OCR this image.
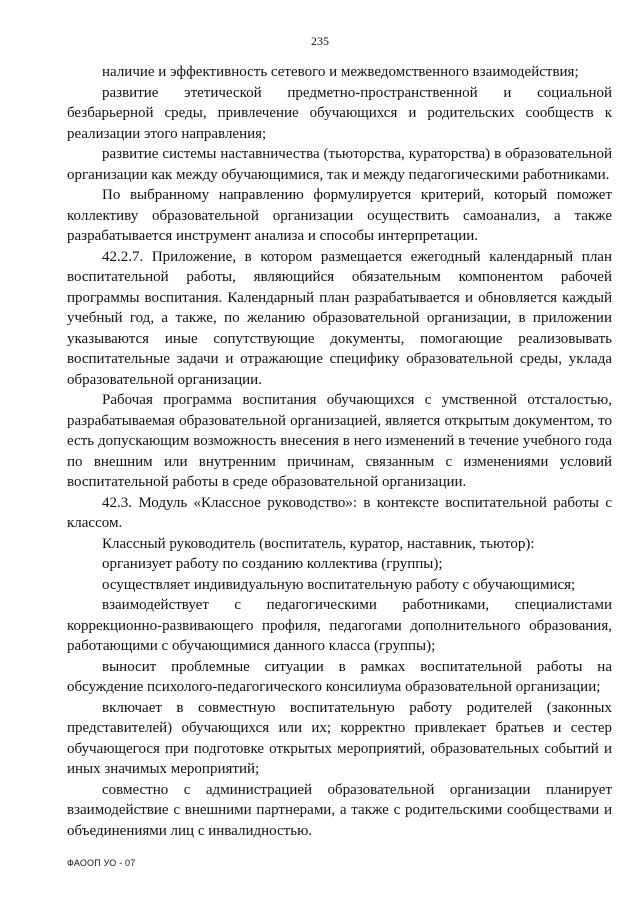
235

наличие и эффективность сетевого и межведомственного взаимодействия;

развитие этетической предметно-пространственной и социальной безбарьерной среды, привлечение обучающихся и родительских сообществ к реализации этого направления;

развитие системы наставничества (тьюторства, кураторства) в образовательной организации как между обучающимися, так и между педагогическими работниками.

По выбранному направлению формулируется критерий, который поможет коллективу образовательной организации осуществить самоанализ, а также разрабатывается инструмент анализа и способы интерпретации.

42.2.7. Приложение, в котором размещается ежегодный календарный план воспитательной работы, являющийся обязательным компонентом рабочей программы воспитания. Календарный план разрабатывается и обновляется каждый учебный год, а также, по желанию образовательной организации, в приложении указываются иные сопутствующие документы, помогающие реализовывать воспитательные задачи и отражающие специфику образовательной среды, уклада образовательной организации.

Рабочая программа воспитания обучающихся с умственной отсталостью, разрабатываемая образовательной организацией, является открытым документом, то есть допускающим возможность внесения в него изменений в течение учебного года по внешним или внутренним причинам, связанным с изменениями условий воспитательной работы в среде образовательной организации.

42.3. Модуль «Классное руководство»: в контексте воспитательной работы с классом.

Классный руководитель (воспитатель, куратор, наставник, тьютор):

организует работу по созданию коллектива (группы);

осуществляет индивидуальную воспитательную работу с обучающимися;

взаимодействует с педагогическими работниками, специалистами коррекционно-развивающего профиля, педагогами дополнительного образования, работающими с обучающимися данного класса (группы);

выносит проблемные ситуации в рамках воспитательной работы на обсуждение психолого-педагогического консилиума образовательной организации;

включает в совместную воспитательную работу родителей (законных представителей) обучающихся или их; корректно привлекает братьев и сестер обучающегося при подготовке открытых мероприятий, образовательных событий и иных значимых мероприятий;

совместно с администрацией образовательной организации планирует взаимодействие с внешними партнерами, а также с родительскими сообществами и объединениями лиц с инвалидностью.

ФАООП УО - 07
